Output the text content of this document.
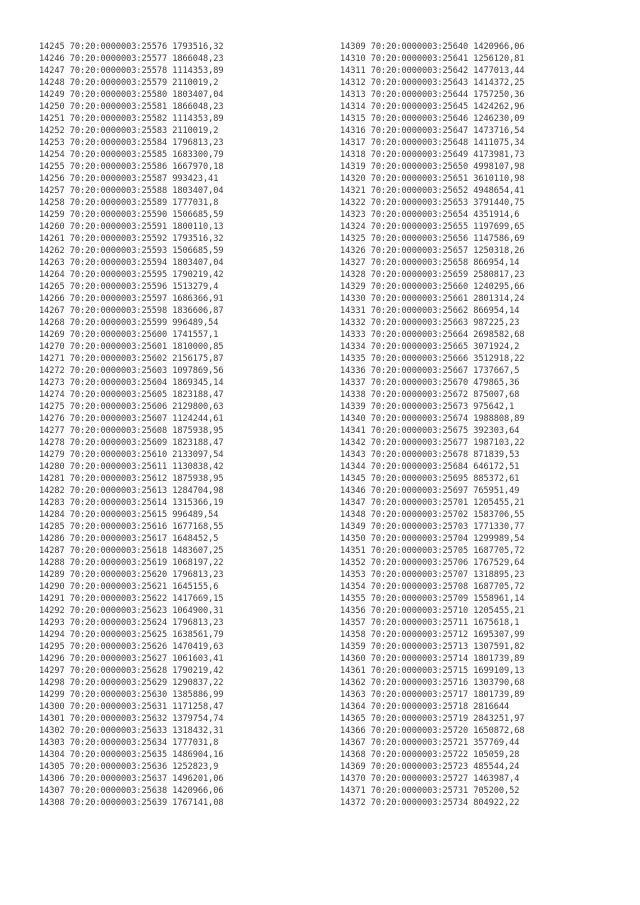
14245 70:20:0000003:25576 1793516,32
14246 70:20:0000003:25577 1866048,23
14247 70:20:0000003:25578 1114353,89
14248 70:20:0000003:25579 2110019,2
14249 70:20:0000003:25580 1803407,04
14250 70:20:0000003:25581 1866048,23
14251 70:20:0000003:25582 1114353,89
14252 70:20:0000003:25583 2110019,2
14253 70:20:0000003:25584 1796813,23
14254 70:20:0000003:25585 1683300,79
14255 70:20:0000003:25586 1667970,18
14256 70:20:0000003:25587 993423,41
14257 70:20:0000003:25588 1803407,04
14258 70:20:0000003:25589 1777031,8
14259 70:20:0000003:25590 1506685,59
14260 70:20:0000003:25591 1800110,13
14261 70:20:0000003:25592 1793516,32
14262 70:20:0000003:25593 1506685,59
14263 70:20:0000003:25594 1803407,04
14264 70:20:0000003:25595 1790219,42
14265 70:20:0000003:25596 1513279,4
14266 70:20:0000003:25597 1686366,91
14267 70:20:0000003:25598 1836606,87
14268 70:20:0000003:25599 996489,54
14269 70:20:0000003:25600 1741557,1
14270 70:20:0000003:25601 1810000,85
14271 70:20:0000003:25602 2156175,87
14272 70:20:0000003:25603 1097869,56
14273 70:20:0000003:25604 1869345,14
14274 70:20:0000003:25605 1823188,47
14275 70:20:0000003:25606 2129800,63
14276 70:20:0000003:25607 1124244,61
14277 70:20:0000003:25608 1875938,95
14278 70:20:0000003:25609 1823188,47
14279 70:20:0000003:25610 2133097,54
14280 70:20:0000003:25611 1130838,42
14281 70:20:0000003:25612 1875938,95
14282 70:20:0000003:25613 1284704,98
14283 70:20:0000003:25614 1315366,19
14284 70:20:0000003:25615 996489,54
14285 70:20:0000003:25616 1677168,55
14286 70:20:0000003:25617 1648452,5
14287 70:20:0000003:25618 1483607,25
14288 70:20:0000003:25619 1068197,22
14289 70:20:0000003:25620 1796813,23
14290 70:20:0000003:25621 1645155,6
14291 70:20:0000003:25622 1417669,15
14292 70:20:0000003:25623 1064900,31
14293 70:20:0000003:25624 1796813,23
14294 70:20:0000003:25625 1638561,79
14295 70:20:0000003:25626 1470419,63
14296 70:20:0000003:25627 1061603,41
14297 70:20:0000003:25628 1790219,42
14298 70:20:0000003:25629 1290837,22
14299 70:20:0000003:25630 1385886,99
14300 70:20:0000003:25631 1171258,47
14301 70:20:0000003:25632 1379754,74
14302 70:20:0000003:25633 1318432,31
14303 70:20:0000003:25634 1777031,8
14304 70:20:0000003:25635 1486904,16
14305 70:20:0000003:25636 1252823,9
14306 70:20:0000003:25637 1496201,06
14307 70:20:0000003:25638 1420966,06
14308 70:20:0000003:25639 1767141,08
14309 70:20:0000003:25640 1420966,06
14310 70:20:0000003:25641 1256120,81
14311 70:20:0000003:25642 1477013,44
14312 70:20:0000003:25643 1414372,25
14313 70:20:0000003:25644 1757250,36
14314 70:20:0000003:25645 1424262,96
14315 70:20:0000003:25646 1246230,09
14316 70:20:0000003:25647 1473716,54
14317 70:20:0000003:25648 1411075,34
14318 70:20:0000003:25649 4173981,73
14319 70:20:0000003:25650 4998107,98
14320 70:20:0000003:25651 3610110,98
14321 70:20:0000003:25652 4948654,41
14322 70:20:0000003:25653 3791440,75
14323 70:20:0000003:25654 4351914,6
14324 70:20:0000003:25655 1197699,65
14325 70:20:0000003:25656 1147586,69
14326 70:20:0000003:25657 1250318,26
14327 70:20:0000003:25658 866954,14
14328 70:20:0000003:25659 2580817,23
14329 70:20:0000003:25660 1240295,66
14330 70:20:0000003:25661 2801314,24
14331 70:20:0000003:25662 866954,14
14332 70:20:0000003:25663 987225,23
14333 70:20:0000003:25664 2698582,68
14334 70:20:0000003:25665 3071924,2
14335 70:20:0000003:25666 3512918,22
14336 70:20:0000003:25667 1737667,5
14337 70:20:0000003:25670 479865,36
14338 70:20:0000003:25672 875007,68
14339 70:20:0000003:25673 975642,1
14340 70:20:0000003:25674 1988808,89
14341 70:20:0000003:25675 392303,64
14342 70:20:0000003:25677 1987103,22
14343 70:20:0000003:25678 871839,53
14344 70:20:0000003:25684 646172,51
14345 70:20:0000003:25695 885372,61
14346 70:20:0000003:25697 765951,49
14347 70:20:0000003:25701 1205455,21
14348 70:20:0000003:25702 1583706,55
14349 70:20:0000003:25703 1771330,77
14350 70:20:0000003:25704 1299989,54
14351 70:20:0000003:25705 1687705,72
14352 70:20:0000003:25706 1767529,64
14353 70:20:0000003:25707 1318895,23
14354 70:20:0000003:25708 1687705,72
14355 70:20:0000003:25709 1558961,14
14356 70:20:0000003:25710 1205455,21
14357 70:20:0000003:25711 1675618,1
14358 70:20:0000003:25712 1695307,99
14359 70:20:0000003:25713 1307591,82
14360 70:20:0000003:25714 1801739,89
14361 70:20:0000003:25715 1699109,13
14362 70:20:0000003:25716 1303790,68
14363 70:20:0000003:25717 1801739,89
14364 70:20:0000003:25718 2816644
14365 70:20:0000003:25719 2843251,97
14366 70:20:0000003:25720 1650872,68
14367 70:20:0000003:25721 357769,44
14368 70:20:0000003:25722 105059,28
14369 70:20:0000003:25723 485544,24
14370 70:20:0000003:25727 1463987,4
14371 70:20:0000003:25731 705200,52
14372 70:20:0000003:25734 804922,22
